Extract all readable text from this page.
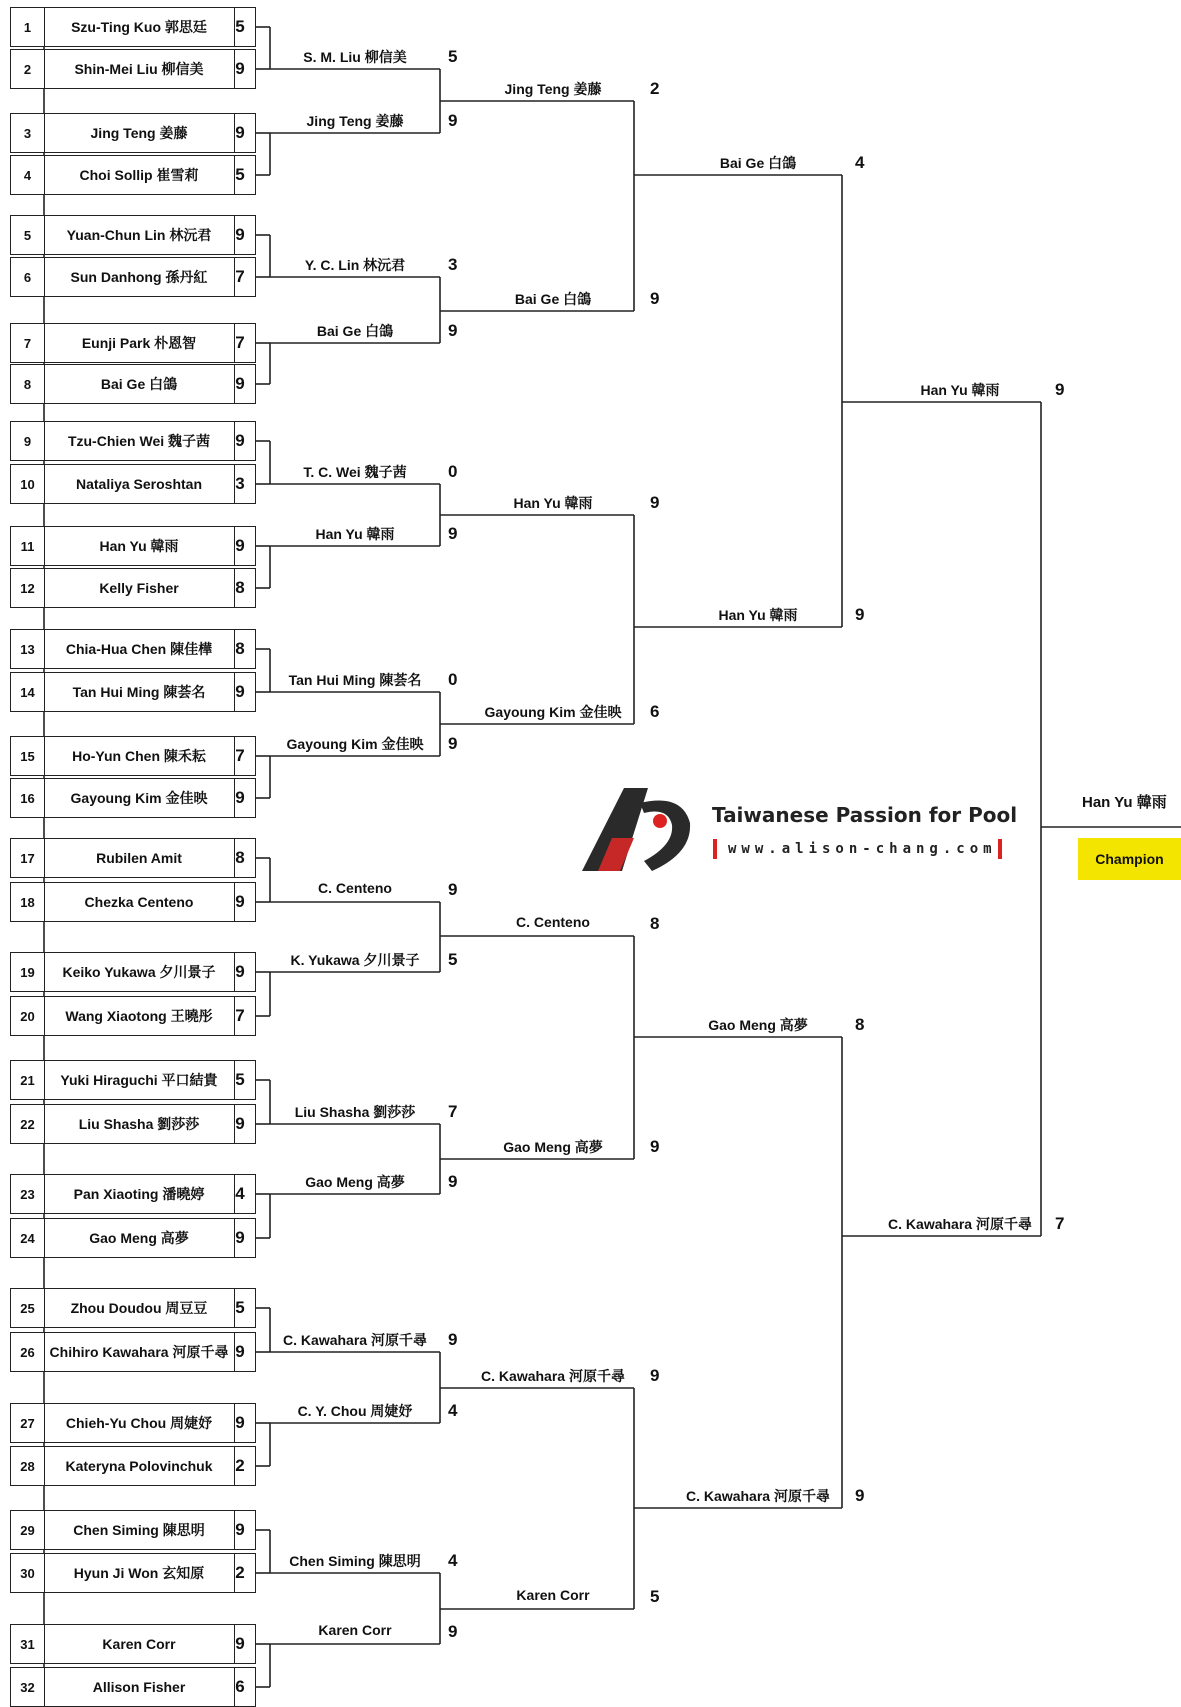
1	Szu-Ting Kuo 郭思廷	5
2	Shin-Mei Liu 柳信美	9
3	Jing Teng 姜藤	9
4	Choi Sollip 崔雪莉	5
5	Yuan-Chun Lin 林沅君	9
6	Sun Danhong 孫丹紅	7
7	Eunji Park 朴恩智	7
8	Bai Ge 白鴿	9
9	Tzu-Chien Wei 魏子茜	9
10	Nataliya Seroshtan	3
11	Han Yu 韓雨	9
12	Kelly Fisher	8
13	Chia-Hua Chen 陳佳樺	8
14	Tan Hui Ming 陳荟名	9
15	Ho-Yun Chen 陳禾耘	7
16	Gayoung Kim 金佳映	9
17	Rubilen Amit	8
18	Chezka Centeno	9
19	Keiko Yukawa 夕川景子	9
20	Wang Xiaotong 王曉彤	7
21	Yuki Hiraguchi 平口結貴	5
22	Liu Shasha 劉莎莎	9
23	Pan Xiaoting 潘曉婷	4
24	Gao Meng 高夢	9
25	Zhou Doudou 周豆豆	5
26	Chihiro Kawahara 河原千尋 9
27	Chieh-Yu Chou 周婕妤	9
28	Kateryna Polovinchuk	2
29	Chen Siming 陳思明	9
30	Hyun Ji Won 玄知原	2
31	Karen Corr	9
32	Allison Fisher	6
S. M. Liu 柳信美	5
Jing Teng 姜藤	9
Y. C. Lin 林沅君	3
Bai Ge 白鴿	9
T. C. Wei 魏子茜	0
Han Yu 韓雨	9
Tan Hui Ming 陳荟名	0
Gayoung Kim 金佳映	9
C. Centeno	9
K. Yukawa 夕川景子	5
Liu Shasha 劉莎莎	7
Gao Meng 高夢	9
C. Kawahara 河原千尋	9
C. Y. Chou 周婕妤	4
Chen Siming 陳思明	4
Karen Corr	9
Jing Teng 姜藤	2
Bai Ge 白鴿	9
Han Yu 韓雨	9
Gayoung Kim 金佳映	6
C. Centeno	8
Gao Meng 高夢	9
C. Kawahara 河原千尋	9
Karen Corr	5
Bai Ge 白鴿	4
Han Yu 韓雨	9
Gao Meng 高夢	8
C. Kawahara 河原千尋	9
Han Yu 韓雨	9
C. Kawahara 河原千尋	7
Han Yu 韓雨
Champion
Taiwanese Passion for Pool
www.alison-chang.com
